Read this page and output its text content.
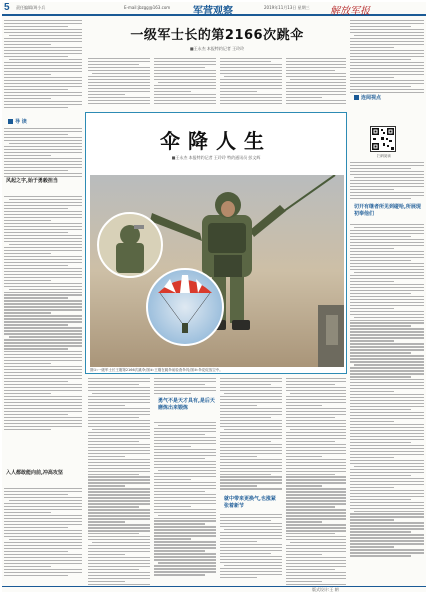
5 责任编辑/周小兵	E-mail:jbzgg@163.com	军营观察	2019年11月13日 星期三 解放军报
一级军士长的第2166次跳伞
■王永杰 本报特约记者 王玲玲
导 读
风起之字,始于勇毅担当
入人都敢能向前,冲高攻坚
连阅视点
扫码阅读
切开有继者所见到碰哈,所展现初奉他们
伞降人生
■王永杰 本报特约记者 王玲玲 特约通讯员 彭文辉
图①:一级军士长王刚第2166次跳伞;图②:王刚在跳伞前检查伞具;图③:伞花绽放空中。
勇气不是天才具有,是后天磨炼出来锻炼
就中带来更换气,也涨紧张着新节
版式设计:王 朝
